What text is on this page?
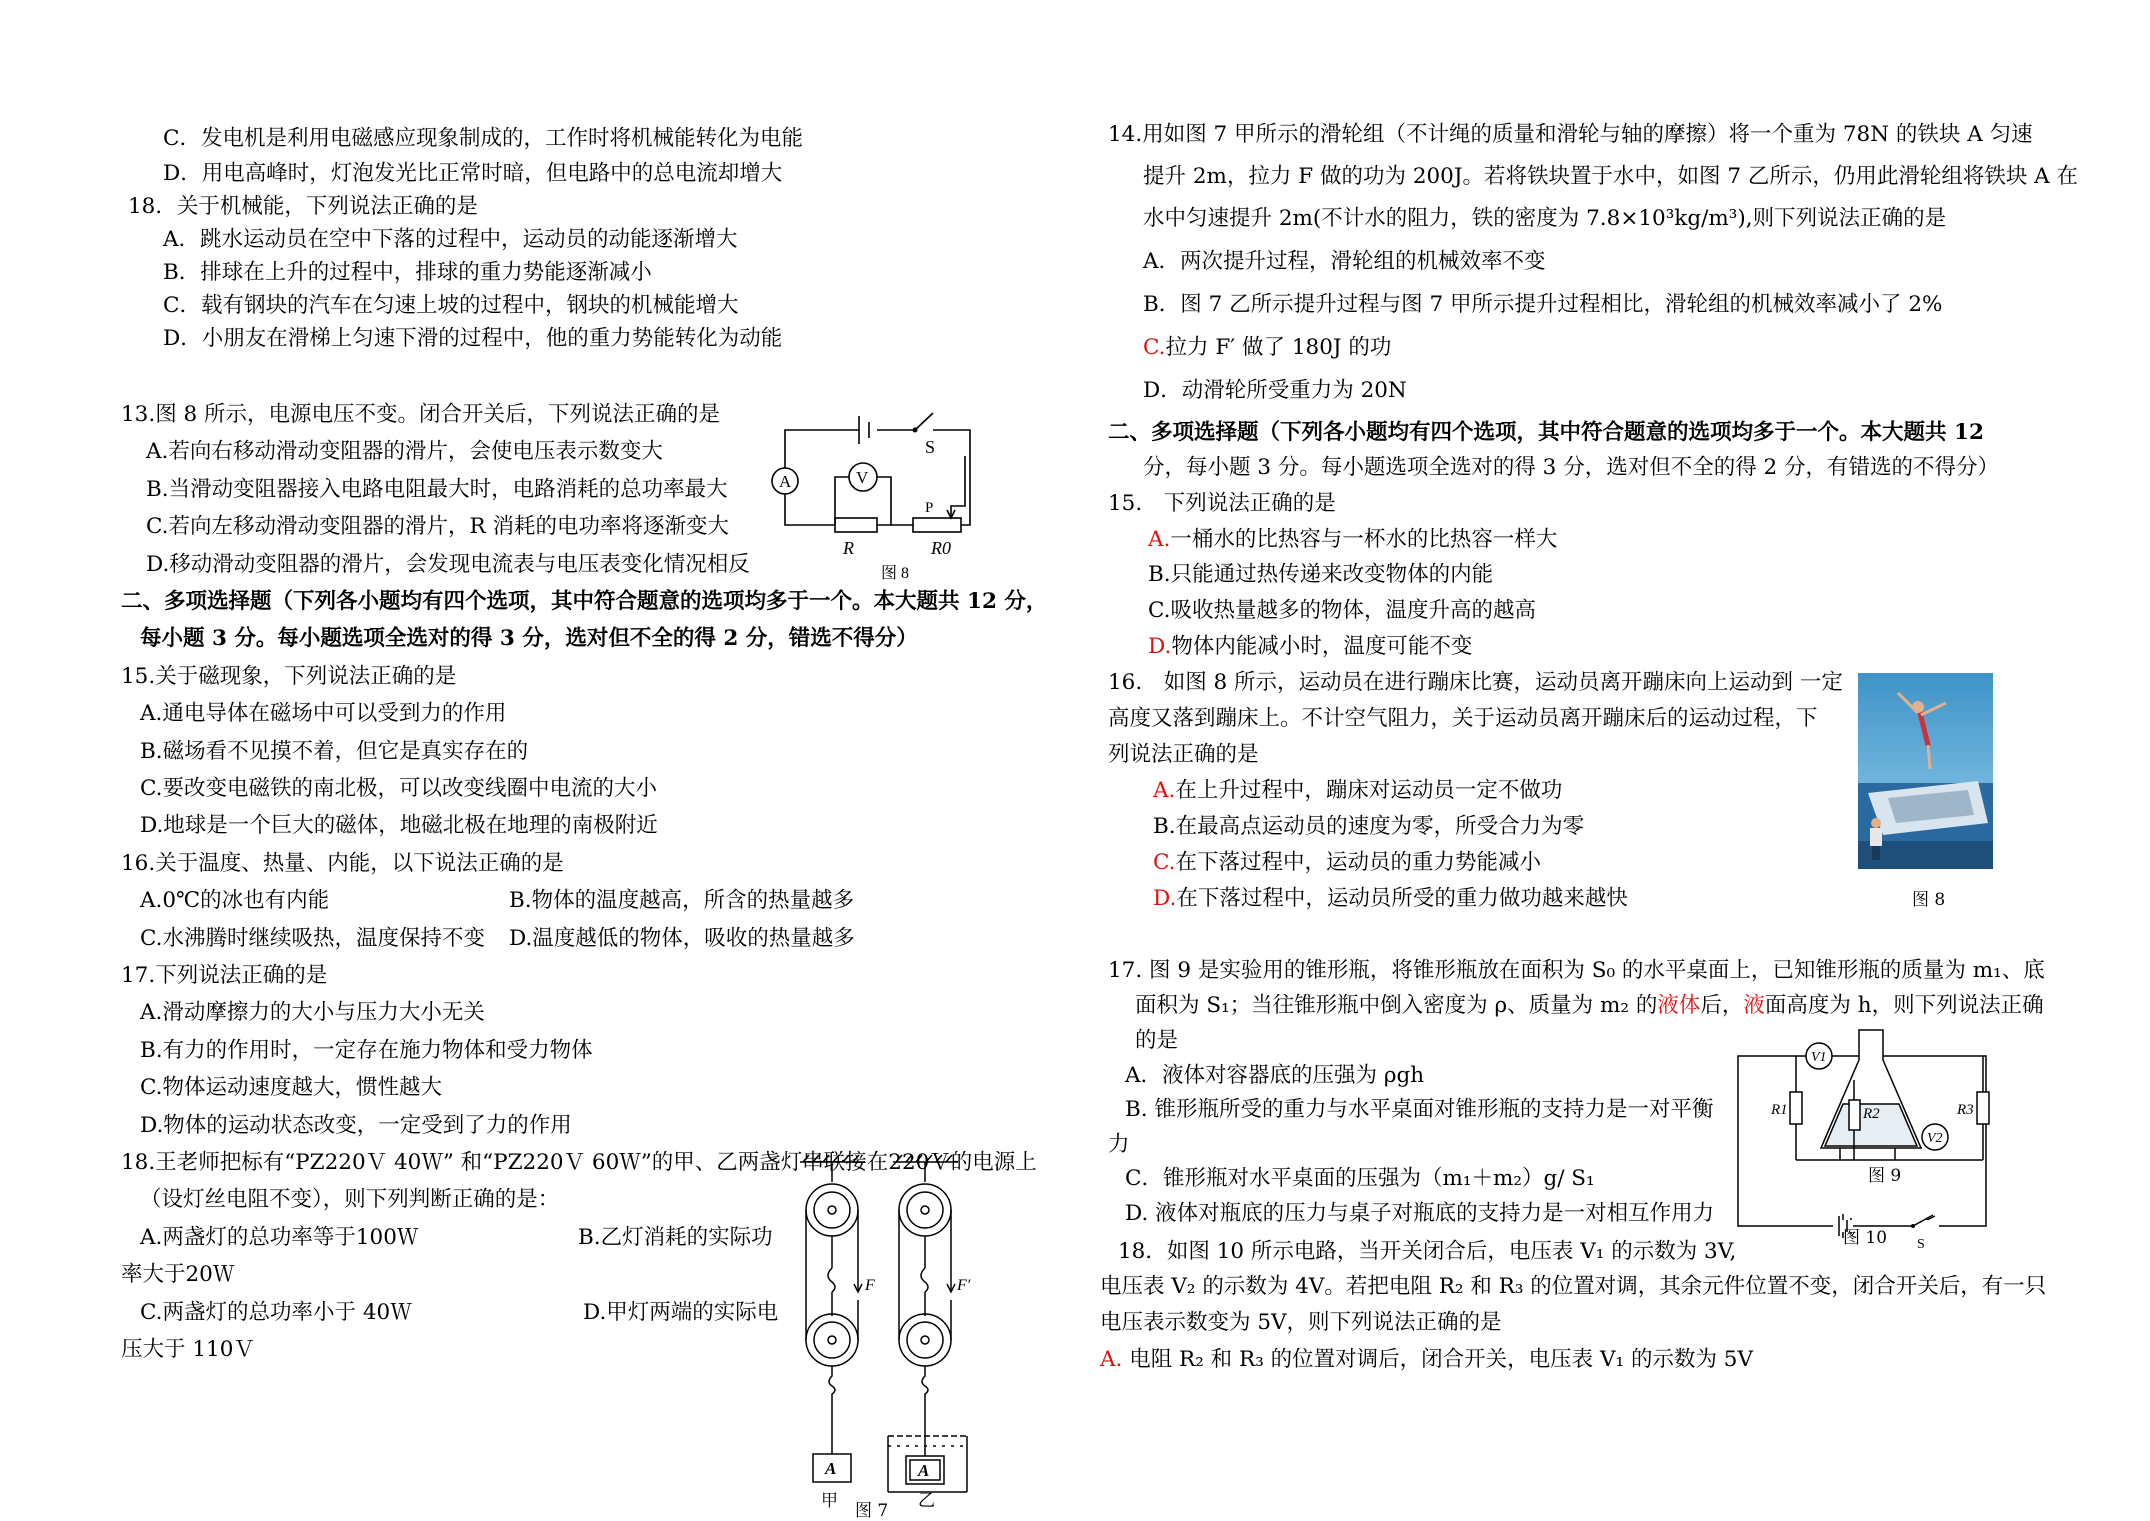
C．发电机是利用电磁感应现象制成的，工作时将机械能转化为电能
D．用电高峰时，灯泡发光比正常时暗，但电路中的总电流却增大
18．关于机械能，下列说法正确的是
A．跳水运动员在空中下落的过程中，运动员的动能逐渐增大
B．排球在上升的过程中，排球的重力势能逐渐减小
C．载有钢块的汽车在匀速上坡的过程中，钢块的机械能增大
D．小朋友在滑梯上匀速下滑的过程中，他的重力势能转化为动能
13.图 8 所示，电源电压不变。闭合开关后，下列说法正确的是
A.若向右移动滑动变阻器的滑片，会使电压表示数变大
B.当滑动变阻器接入电路电阻最大时，电路消耗的总功率最大
C.若向左移动滑动变阻器的滑片，R 消耗的电功率将逐渐变大
D.移动滑动变阻器的滑片，会发现电流表与电压表变化情况相反
A	V
S
P
R	R0
图 8
二、多项选择题（下列各小题均有四个选项，其中符合题意的选项均多于一个。本大题共 12 分，
每小题 3 分。每小题选项全选对的得 3 分，选对但不全的得 2 分，错选不得分）
15.关于磁现象，下列说法正确的是
A.通电导体在磁场中可以受到力的作用
B.磁场看不见摸不着，但它是真实存在的
C.要改变电磁铁的南北极，可以改变线圈中电流的大小
D.地球是一个巨大的磁体，地磁北极在地理的南极附近
16.关于温度、热量、内能，以下说法正确的是
A.0℃的冰也有内能	B.物体的温度越高，所含的热量越多
C.水沸腾时继续吸热，温度保持不变 D.温度越低的物体，吸收的热量越多
17.下列说法正确的是
A.滑动摩擦力的大小与压力大小无关
B.有力的作用时，一定存在施力物体和受力物体
C.物体运动速度越大，惯性越大
D.物体的运动状态改变，一定受到了力的作用
18.王老师把标有“PZ220Ｖ 40Ｗ” 和“PZ220Ｖ 60Ｗ”的甲、乙两盏灯串联接在220Ｖ的电源上
（设灯丝电阻不变），则下列判断正确的是：
A.两盏灯的总功率等于100Ｗ	B.乙灯消耗的实际功
率大于20Ｗ
C.两盏灯的总功率小于 40Ｗ	D.甲灯两端的实际电
压大于 110Ｖ
F	F′
A	A
甲	乙
图 7
14.用如图 7 甲所示的滑轮组（不计绳的质量和滑轮与轴的摩擦）将一个重为 78N 的铁块 A 匀速
提升 2m，拉力 F 做的功为 200J。若将铁块置于水中，如图 7 乙所示，仍用此滑轮组将铁块 A 在
水中匀速提升 2m(不计水的阻力，铁的密度为 7.8×10³kg/m³),则下列说法正确的是
A．两次提升过程，滑轮组的机械效率不变
B．图 7 乙所示提升过程与图 7 甲所示提升过程相比，滑轮组的机械效率减小了 2%
C.拉力 F′ 做了 180J 的功
D．动滑轮所受重力为 20N
二、多项选择题（下列各小题均有四个选项，其中符合题意的选项均多于一个。本大题共 12
分，每小题 3 分。每小题选项全选对的得 3 分，选对但不全的得 2 分，有错选的不得分）
15.　下列说法正确的是
A.一桶水的比热容与一杯水的比热容一样大
B.只能通过热传递来改变物体的内能
C.吸收热量越多的物体，温度升高的越高
D.物体内能减小时，温度可能不变
16.　如图 8 所示，运动员在进行蹦床比赛，运动员离开蹦床向上运动到 一定
高度又落到蹦床上。不计空气阻力，关于运动员离开蹦床后的运动过程，下
列说法正确的是
A.在上升过程中，蹦床对运动员一定不做功
B.在最高点运动员的速度为零，所受合力为零
C.在下落过程中，运动员的重力势能减小
D.在下落过程中，运动员所受的重力做功越来越快	图 8
17. 图 9 是实验用的锥形瓶，将锥形瓶放在面积为 S₀ 的水平桌面上，已知锥形瓶的质量为 m₁、底
面积为 S₁；当往锥形瓶中倒入密度为 ρ、质量为 m₂ 的液体后，液面高度为 h，则下列说法正确
的是
A．液体对容器底的压强为 ρgh
B. 锥形瓶所受的重力与水平桌面对锥形瓶的支持力是一对平衡
力
C．锥形瓶对水平桌面的压强为（m₁＋m₂）g/ S₁
D. 液体对瓶底的压力与桌子对瓶底的支持力是一对相互作用力
V1
V2
R1	R2	R3
S
图 9
图 10
18．如图 10 所示电路，当开关闭合后，电压表 V₁ 的示数为 3V,
电压表 V₂ 的示数为 4V。若把电阻 R₂ 和 R₃ 的位置对调，其余元件位置不变，闭合开关后，有一只
电压表示数变为 5V，则下列说法正确的是
A. 电阻 R₂ 和 R₃ 的位置对调后，闭合开关，电压表 V₁ 的示数为 5V
